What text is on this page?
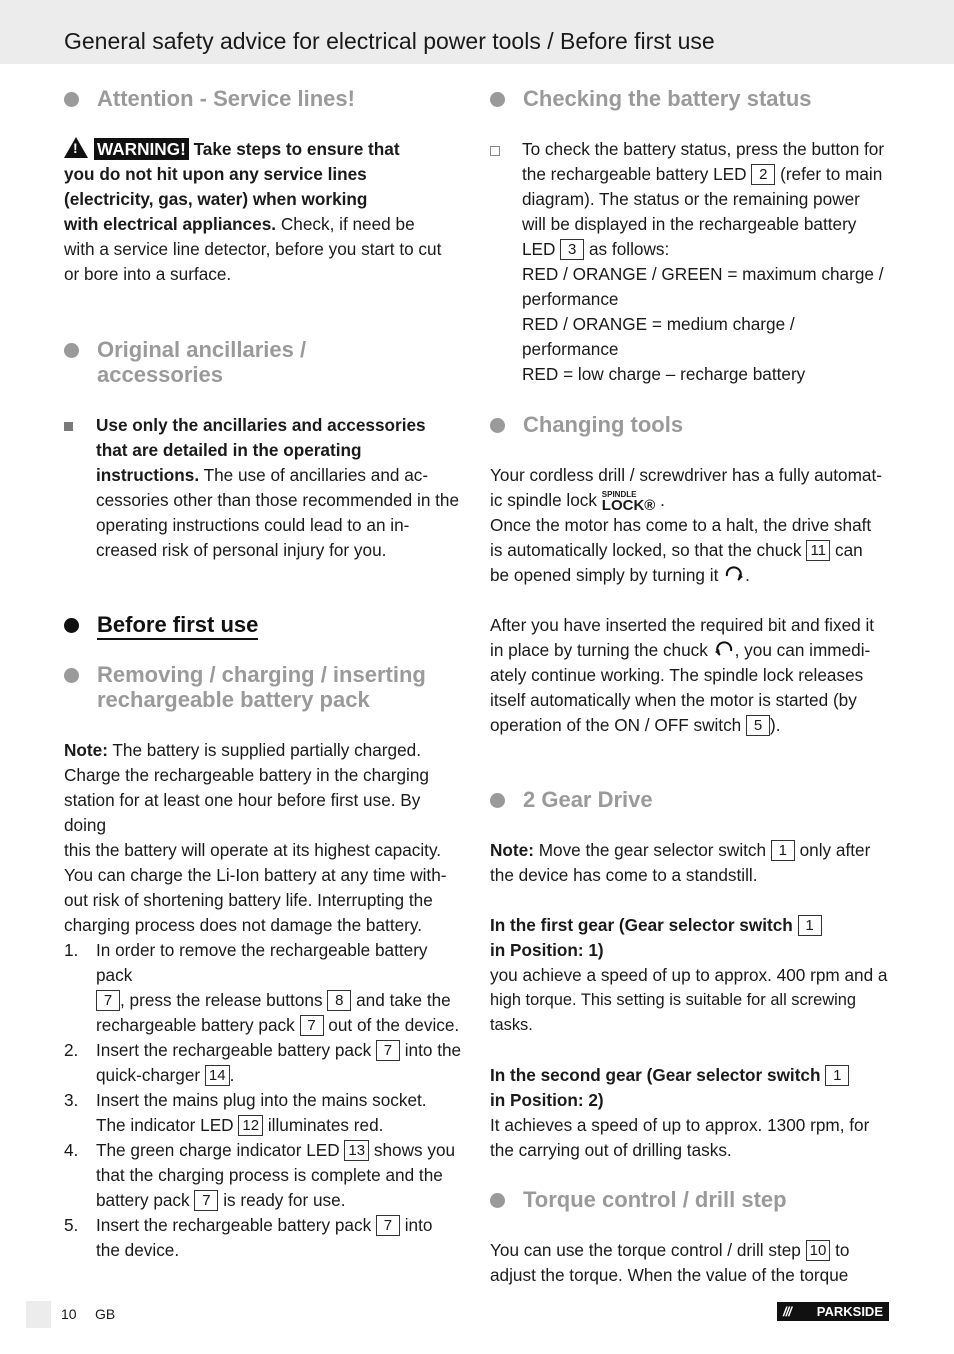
General safety advice for electrical power tools / Before first use
Attention - Service lines!
!WARNING! Take steps to ensure that
you do not hit upon any service lines
(electricity, gas, water) when working
with electrical appliances. Check, if need be
with a service line detector, before you start to cut
or bore into a surface.
Original ancillaries /
accessories
Use only the ancillaries and accessories
that are detailed in the operating
instructions. The use of ancillaries and ac-
cessories other than those recommended in the
operating instructions could lead to an in-
creased risk of personal injury for you.
Before first use
Removing / charging / inserting
rechargeable battery pack
Note: The battery is supplied partially charged.
Charge the rechargeable battery in the charging
station for at least one hour before first use. By doing
this the battery will operate at its highest capacity.
You can charge the Li-Ion battery at any time with-
out risk of shortening battery life. Interrupting the
charging process does not damage the battery.
1. In order to remove the rechargeable battery pack
7 , press the release buttons 8 and take the
rechargeable battery pack 7 out of the device.
2. Insert the rechargeable battery pack 7 into the
quick-charger 14 .
3. Insert the mains plug into the mains socket.
The indicator LED 12 illuminates red.
4. The green charge indicator LED 13 shows you
that the charging process is complete and the
battery pack 7 is ready for use.
5. Insert the rechargeable battery pack 7 into
the device.
Checking the battery status
To check the battery status, press the button for
the rechargeable battery LED 2 (refer to main
diagram). The status or the remaining power
will be displayed in the rechargeable battery
LED 3 as follows:
RED / ORANGE / GREEN = maximum charge /
performance
RED / ORANGE = medium charge / performance
RED = low charge – recharge battery
Changing tools
Your cordless drill / screwdriver has a fully automat-
ic spindle lock SPINDLE
LOCK® .
Once the motor has come to a halt, the drive shaft
is automatically locked, so that the chuck 11 can
be opened simply by turning it .
After you have inserted the required bit and fixed it
in place by turning the chuck , you can immedi-
ately continue working. The spindle lock releases
itself automatically when the motor is started (by
operation of the ON / OFF switch 5 ).
2 Gear Drive
Note: Move the gear selector switch 1 only after
the device has come to a standstill.
In the first gear (Gear selector switch 1
in Position: 1)
you achieve a speed of up to approx. 400 rpm and a
high torque. This setting is suitable for all screwing tasks.
In the second gear (Gear selector switch 1
in Position: 2)
It achieves a speed of up to approx. 1300 rpm, for
the carrying out of drilling tasks.
Torque control / drill step
You can use the torque control / drill step 10 to
adjust the torque. When the value of the torque
10 GB	/// PARKSIDE
